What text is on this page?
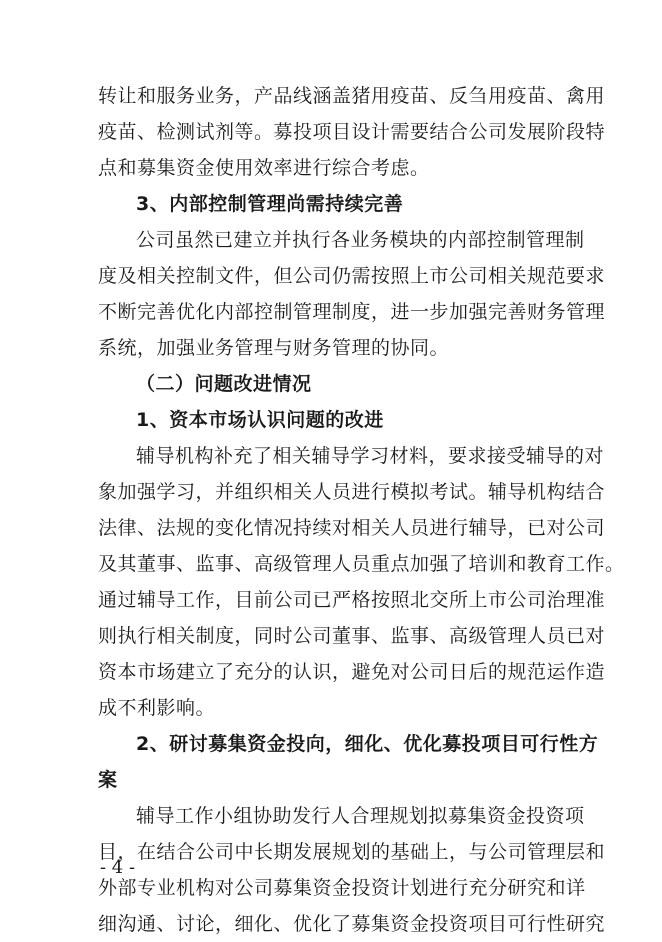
转让和服务业务，产品线涵盖猪用疫苗、反刍用疫苗、禽用
疫苗、检测试剂等。募投项目设计需要结合公司发展阶段特
点和募集资金使用效率进行综合考虑。
3、内部控制管理尚需持续完善
公司虽然已建立并执行各业务模块的内部控制管理制
度及相关控制文件，但公司仍需按照上市公司相关规范要求
不断完善优化内部控制管理制度，进一步加强完善财务管理
系统，加强业务管理与财务管理的协同。
（二）问题改进情况
1、资本市场认识问题的改进
辅导机构补充了相关辅导学习材料，要求接受辅导的对
象加强学习，并组织相关人员进行模拟考试。辅导机构结合
法律、法规的变化情况持续对相关人员进行辅导，已对公司
及其董事、监事、高级管理人员重点加强了培训和教育工作。
通过辅导工作，目前公司已严格按照北交所上市公司治理准
则执行相关制度，同时公司董事、监事、高级管理人员已对
资本市场建立了充分的认识，避免对公司日后的规范运作造
成不利影响。
2、研讨募集资金投向，细化、优化募投项目可行性方
案
辅导工作小组协助发行人合理规划拟募集资金投资项
目，在结合公司中长期发展规划的基础上，与公司管理层和
外部专业机构对公司募集资金投资计划进行充分研究和详
细沟通、讨论，细化、优化了募集资金投资项目可行性研究
- 4 -
